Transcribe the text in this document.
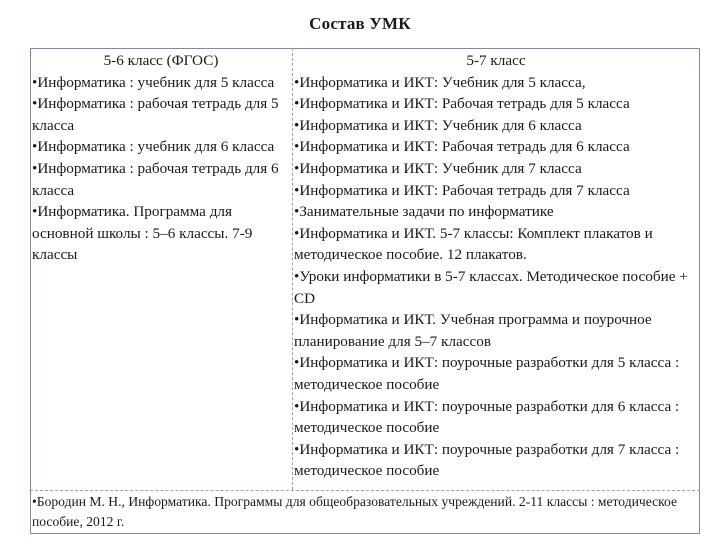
Состав УМК
5-6 класс (ФГОС)

•Информатика : учебник для 5 класса

•Информатика : рабочая тетрадь для 5 класса

•Информатика : учебник для 6 класса

•Информатика : рабочая тетрадь для 6 класса

•Информатика. Программа для основной школы : 5–6 классы. 7-9 классы

5-7 класс

•Информатика и ИКТ: Учебник для 5 класса,

•Информатика и ИКТ: Рабочая тетрадь для 5 класса

•Информатика и ИКТ: Учебник для 6 класса

•Информатика и ИКТ: Рабочая тетрадь для 6 класса

•Информатика и ИКТ: Учебник для 7 класса

•Информатика и ИКТ: Рабочая тетрадь для 7 класса

•Занимательные задачи по информатике

•Информатика и ИКТ. 5-7 классы: Комплект плакатов и методическое пособие. 12 плакатов.

•Уроки информатики в 5-7 классах. Методическое пособие + CD

•Информатика и ИКТ. Учебная программа и поурочное планирование для 5–7 классов

•Информатика и ИКТ: поурочные разработки для 5 класса : методическое пособие

•Информатика и ИКТ: поурочные разработки для 6 класса : методическое пособие

•Информатика и ИКТ: поурочные разработки для 7 класса : методическое пособие

•Бородин М. Н., Информатика. Программы для общеобразовательных учреждений. 2-11 классы : методическое пособие, 2012 г.
